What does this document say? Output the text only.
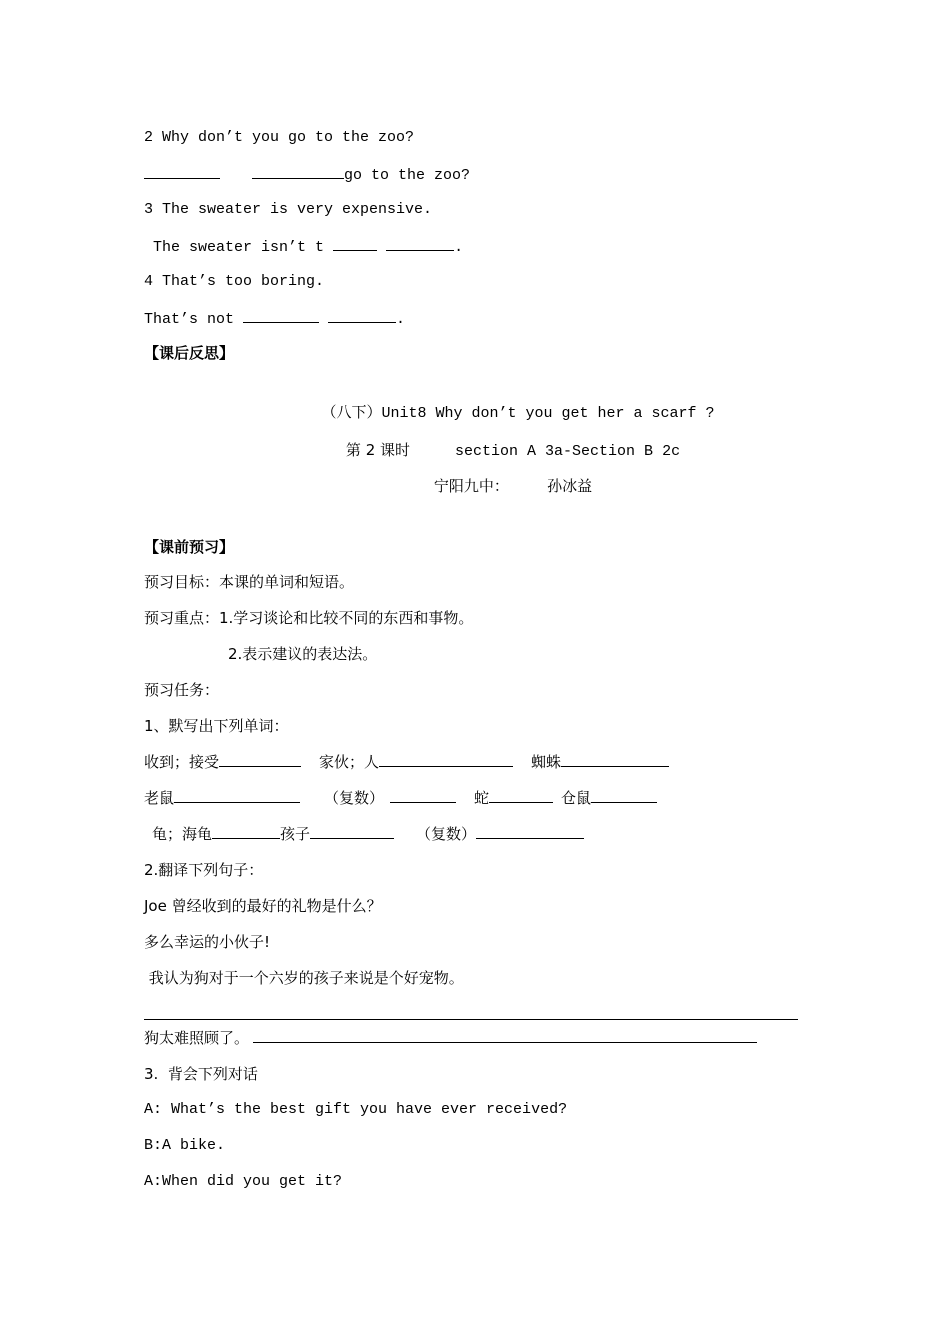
2 Why don’t you go to the zoo?
go to the zoo?
3 The sweater is very expensive.
The sweater isn’t t	.
4 That’s too boring.
That’s not	.
【课后反思】
（八下）Unit8 Why don’t you get her a scarf ?
第 2 课时	section A 3a-Section B 2c
宁阳九中：	孙冰益
【课前预习】
预习目标：本课的单词和短语。
预习重点：1.学习谈论和比较不同的东西和事物。
2.表示建议的表达法。
预习任务：
1、默写出下列单词：
收到；接受	家伙；人	蜘蛛
老鼠	（复数）	蛇	仓鼠
龟；海龟	孩子	（复数）
2.翻译下列句子：
Joe 曾经收到的最好的礼物是什么？
多么幸运的小伙子!
我认为狗对于一个六岁的孩子来说是个好宠物。
狗太难照顾了。
3.  背会下列对话
A: What’s the best gift you have ever received?
B:A bike.
A:When did you get it?
